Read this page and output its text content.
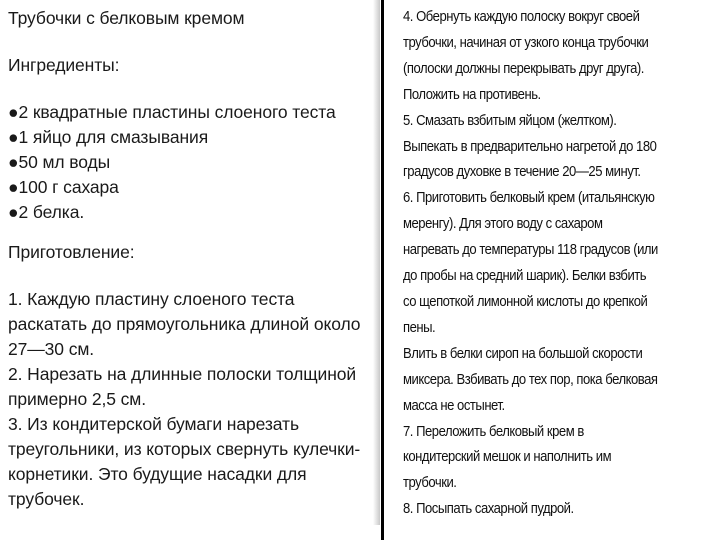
Трубочки с белковым кремом
Ингредиенты:
●2 квадратные пластины слоеного теста
●1 яйцо для смазывания
●50 мл воды
●100 г сахара
●2 белка.
Приготовление:
1. Каждую пластину слоеного теста
раскатать до прямоугольника длиной около
27—30 см.
2. Нарезать на длинные полоски толщиной
примерно 2,5 см.
3. Из кондитерской бумаги нарезать
треугольники, из которых свернуть кулечки-
корнетики. Это будущие насадки для
трубочек.
4. Обернуть каждую полоску вокруг своей
трубочки, начиная от узкого конца трубочки
(полоски должны перекрывать друг друга).
Положить на противень.
5. Смазать взбитым яйцом (желтком).
Выпекать в предварительно нагретой до 180
градусов духовке в течение 20—25 минут.
6. Приготовить белковый крем (итальянскую
меренгу). Для этого воду с сахаром
нагревать до температуры 118 градусов (или
до пробы на средний шарик). Белки взбить
со щепоткой лимонной кислоты до крепкой
пены.
Влить в белки сироп на большой скорости
миксера. Взбивать до тех пор, пока белковая
масса не остынет.
7. Переложить белковый крем в
кондитерский мешок и наполнить им
трубочки.
8. Посыпать сахарной пудрой.
